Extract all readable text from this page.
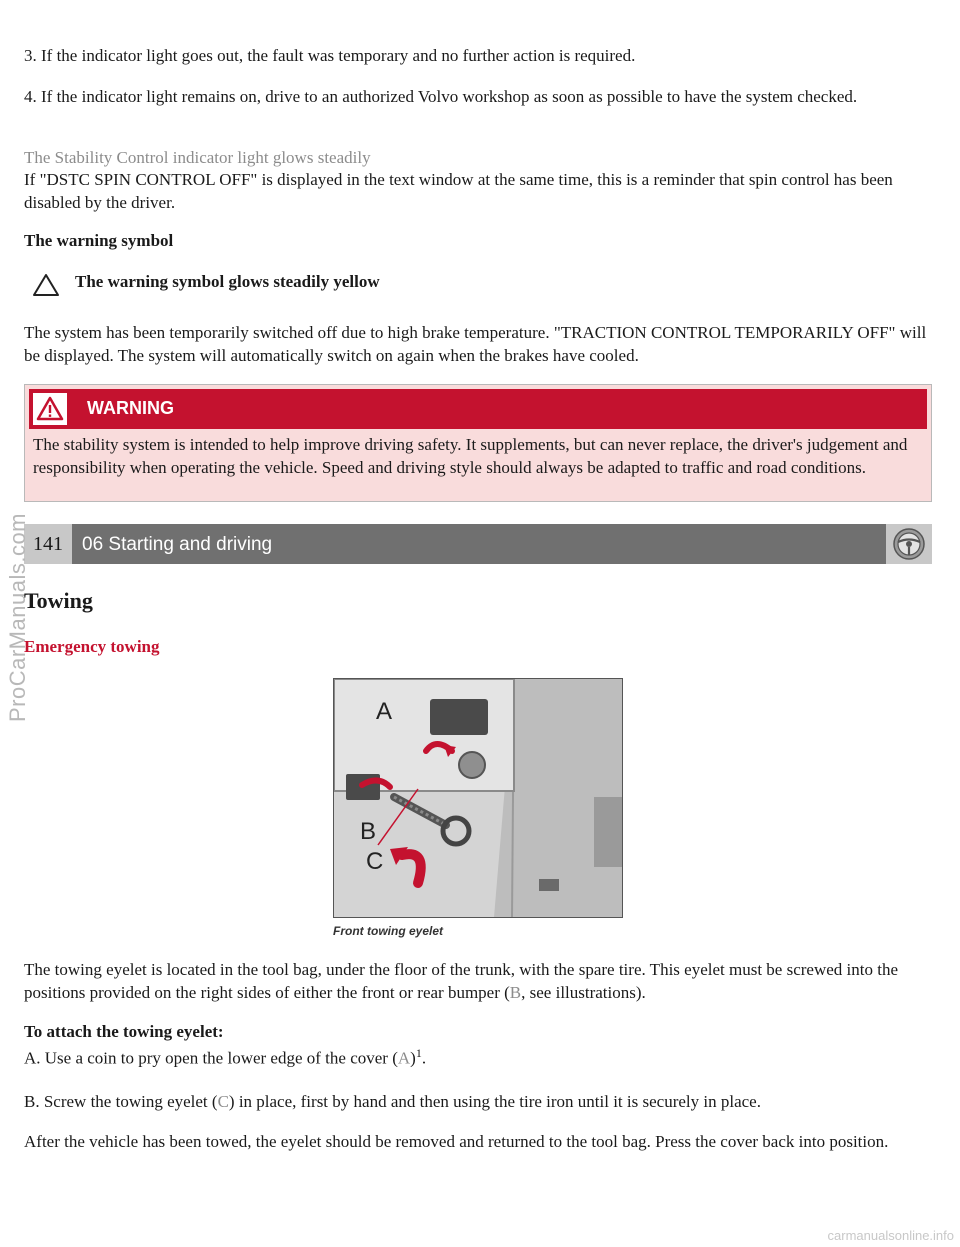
3. If the indicator light goes out, the fault was temporary and no further action is required.

4. If the indicator light remains on, drive to an authorized Volvo workshop as soon as possible to have the system checked.

The Stability Control indicator light glows steadily

If "DSTC SPIN CONTROL OFF" is displayed in the text window at the same time, this is a reminder that spin control has been disabled by the driver.

The warning symbol

The warning symbol glows steadily yellow

The system has been temporarily switched off due to high brake temperature. "TRACTION CONTROL TEMPORARILY OFF" will be displayed. The system will automatically switch on again when the brakes have cooled.

WARNING

The stability system is intended to help improve driving safety. It supplements, but can never replace, the driver's judgement and responsibility when operating the vehicle. Speed and driving style should always be adapted to traffic and road conditions.

141	06 Starting and driving
ProCarManuals.com

Towing

Emergency towing

A
B
C
Front towing eyelet

The towing eyelet is located in the tool bag, under the floor of the trunk, with the spare tire. This eyelet must be screwed into the positions provided on the right sides of either the front or rear bumper (B, see illustrations).

To attach the towing eyelet:

A. Use a coin to pry open the lower edge of the cover $(A)^1$.

B. Screw the towing eyelet (C) in place, first by hand and then using the tire iron until it is securely in place.

After the vehicle has been towed, the eyelet should be removed and returned to the tool bag. Press the cover back into position.

carmanualsonline.info
